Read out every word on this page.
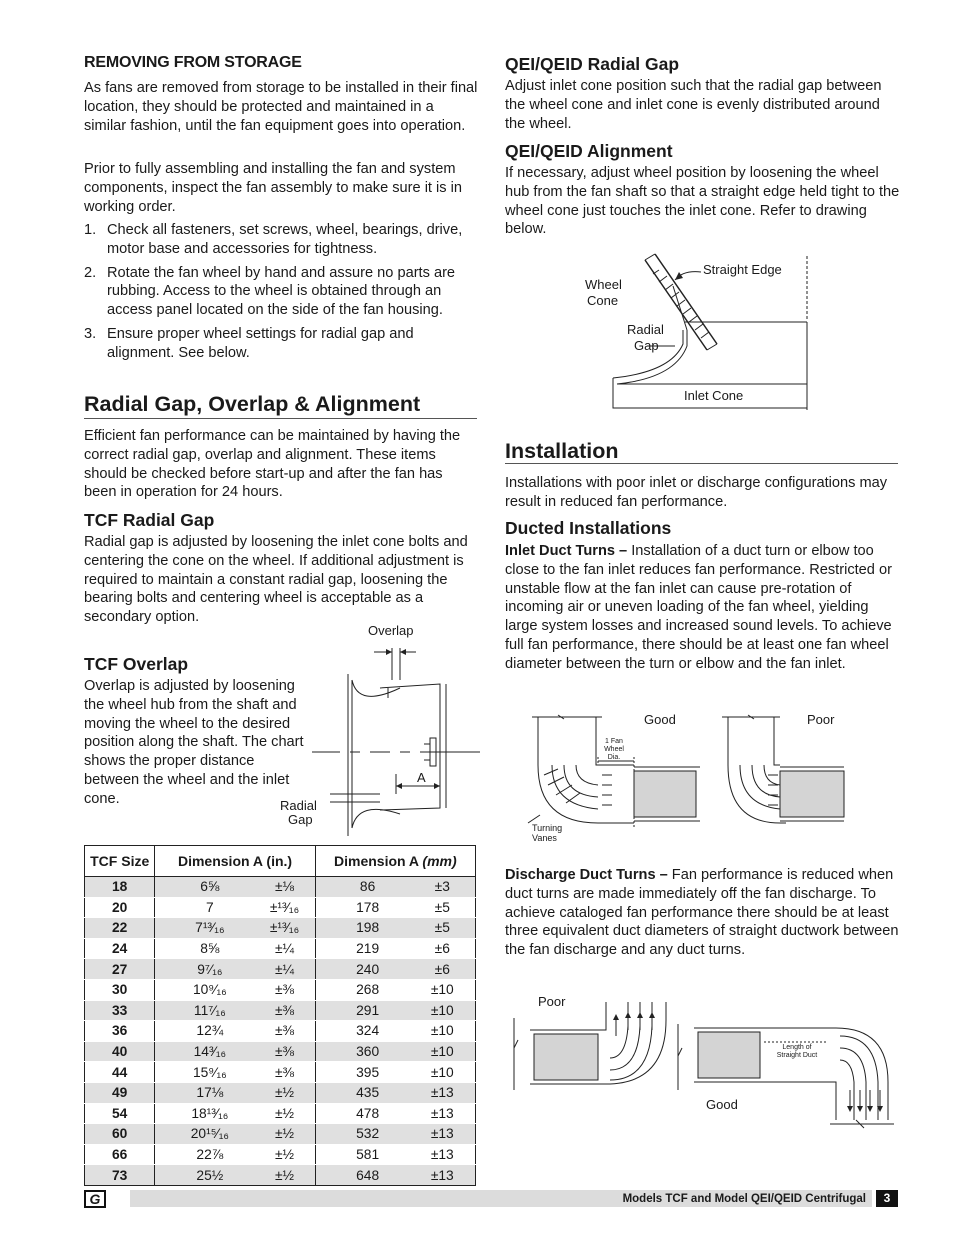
REMOVING FROM STORAGE

As fans are removed from storage to be installed in their final location, they should be protected and maintained in a similar fashion, until the fan equipment goes into operation.

Prior to fully assembling and installing the fan and system components, inspect the fan assembly to make sure it is in working order.

1. Check all fasteners, set screws, wheel, bearings, drive, motor base and accessories for tightness.
2. Rotate the fan wheel by hand and assure no parts are rubbing. Access to the wheel is obtained through an access panel located on the side of the fan housing.
3. Ensure proper wheel settings for radial gap and alignment. See below.
Radial Gap, Overlap & Alignment

Efficient fan performance can be maintained by having the correct radial gap, overlap and alignment. These items should be checked before start-up and after the fan has been in operation for 24 hours.

TCF Radial Gap

Radial gap is adjusted by loosening the inlet cone bolts and centering the cone on the wheel. If additional adjustment is required to maintain a constant radial gap, loosening the bearing bolts and centering wheel is acceptable as a secondary option.

TCF Overlap

Overlap is adjusted by loosening the wheel hub from the shaft and moving the wheel to the desired position along the shaft. The chart shows the proper distance between the wheel and the inlet cone.

Overlap
A
Radial
Gap
TCF Size	Dimension A (in.)		Dimension A (mm)	
18	6⅝	±⅛	86	±3
20	7	±¹³⁄₁₆	178	±5
22	7¹³⁄₁₆	±¹³⁄₁₆	198	±5
24	8⅝	±¼	219	±6
27	9⁷⁄₁₆	±¼	240	±6
30	10⁹⁄₁₆	±⅜	268	±10
33	11⁷⁄₁₆	±⅜	291	±10
36	12¾	±⅜	324	±10
40	14³⁄₁₆	±⅜	360	±10
44	15⁹⁄₁₆	±⅜	395	±10
49	17⅛	±½	435	±13
54	18¹³⁄₁₆	±½	478	±13
60	20¹⁵⁄₁₆	±½	532	±13
66	22⅞	±½	581	±13
73	25½	±½	648	±13
QEI/QEID Radial Gap

Adjust inlet cone position such that the radial gap between the wheel cone and inlet cone is evenly distributed around the wheel.

QEI/QEID Alignment

If necessary, adjust wheel position by loosening the wheel hub from the fan shaft so that a straight edge held tight to the wheel cone just touches the inlet cone. Refer to drawing below.

Straight Edge
Wheel
Cone
Radial
Gap
Inlet Cone
Installation

Installations with poor inlet or discharge configurations may result in reduced fan performance.

Ducted Installations

Inlet Duct Turns – Installation of a duct turn or elbow too close to the fan inlet reduces fan performance. Restricted or unstable flow at the fan inlet can cause pre-rotation of incoming air or uneven loading of the fan wheel, yielding large system losses and increased sound levels. To achieve full fan performance, there should be at least one fan wheel diameter between the turn or elbow and the fan inlet.

Good	Poor
1 Fan
Wheel
Dia.
Turning
Vanes

Discharge Duct Turns – Fan performance is reduced when duct turns are made immediately off the fan discharge. To achieve cataloged fan performance there should be at least three equivalent duct diameters of straight ductwork between the fan discharge and any duct turns.

Poor
Good
Length of
Straight Duct
G	Models TCF and Model QEI/QEID Centrifugal	3
